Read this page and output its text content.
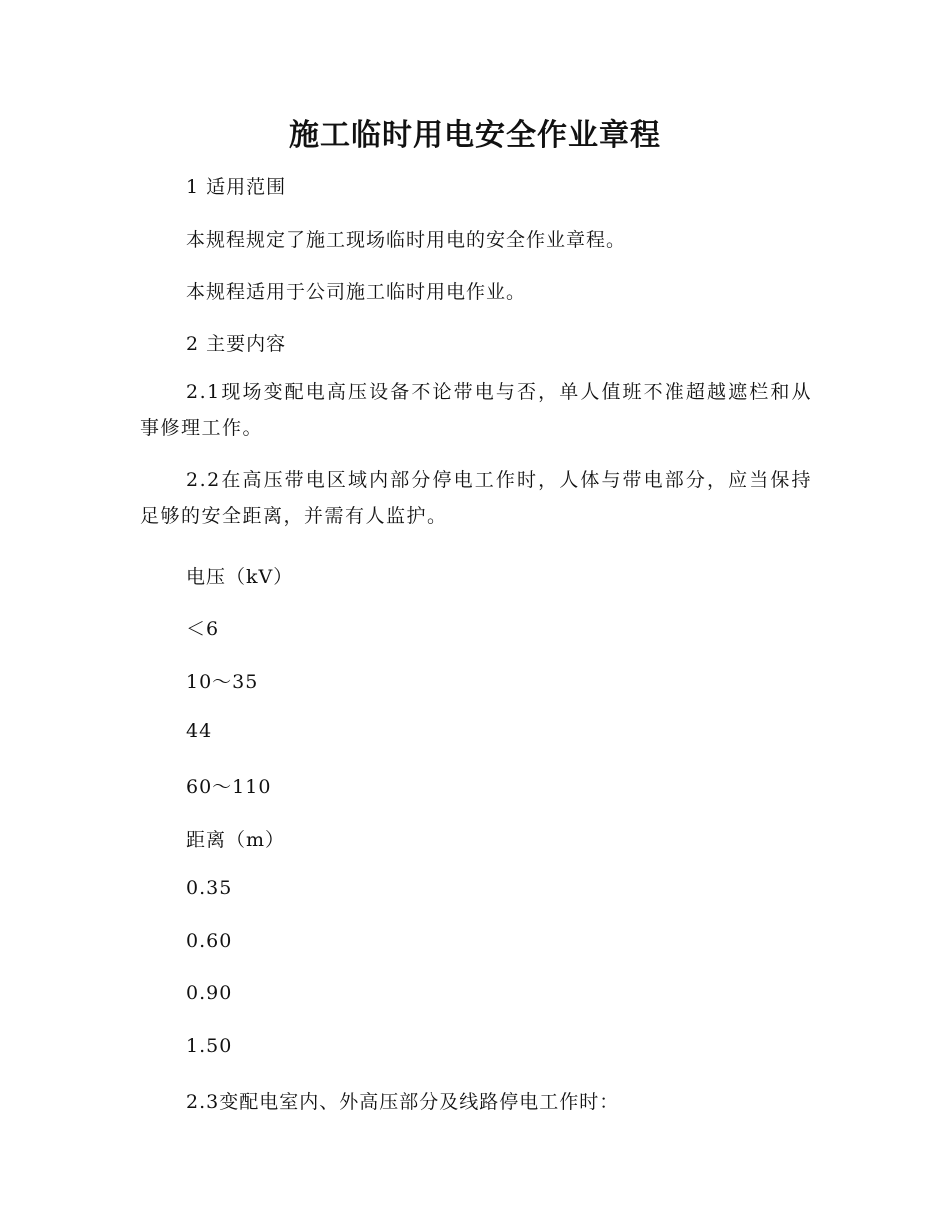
施工临时用电安全作业章程
1 适用范围
本规程规定了施工现场临时用电的安全作业章程。
本规程适用于公司施工临时用电作业。
2 主要内容
2.1现场变配电高压设备不论带电与否，单人值班不准超越遮栏和从事修理工作。
2.2在高压带电区域内部分停电工作时，人体与带电部分，应当保持足够的安全距离，并需有人监护。
电压（kV）
＜6
10～35
44
60～110
距离（m）
0.35
0.60
0.90
1.50
2.3变配电室内、外高压部分及线路停电工作时：
